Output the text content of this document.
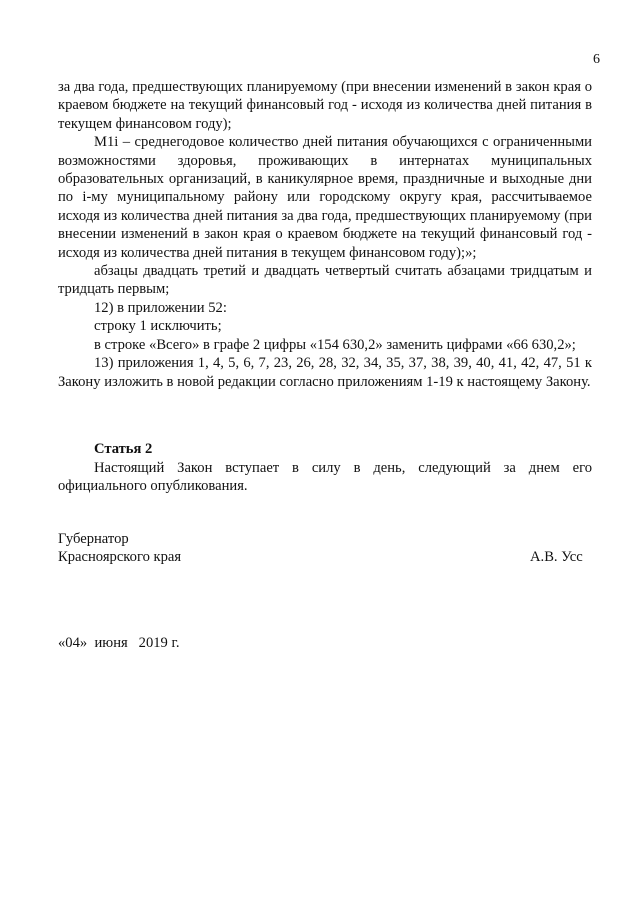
6

за два года, предшествующих планируемому (при внесении изменений в закон края о краевом бюджете на текущий финансовый год - исходя из количества дней питания в текущем финансовом году);

M1i – среднегодовое количество дней питания обучающихся с ограниченными возможностями здоровья, проживающих в интернатах муниципальных образовательных организаций, в каникулярное время, праздничные и выходные дни по i-му муниципальному району или городскому округу края, рассчитываемое исходя из количества дней питания за два года, предшествующих планируемому (при внесении изменений в закон края о краевом бюджете на текущий финансовый год - исходя из количества дней питания в текущем финансовом году);»;

абзацы двадцать третий и двадцать четвертый считать абзацами тридцатым и тридцать первым;

12) в приложении 52:

строку 1 исключить;

в строке «Всего» в графе 2 цифры «154 630,2» заменить цифрами «66 630,2»;

13) приложения 1, 4, 5, 6, 7, 23, 26, 28, 32, 34, 35, 37, 38, 39, 40, 41, 42, 47, 51 к Закону изложить в новой редакции согласно приложениям 1-19 к настоящему Закону.

Статья 2

Настоящий Закон вступает в силу в день, следующий за днем его официального опубликования.

Губернатор
Красноярского края	А.В. Усс
«04»  июня   2019 г.
